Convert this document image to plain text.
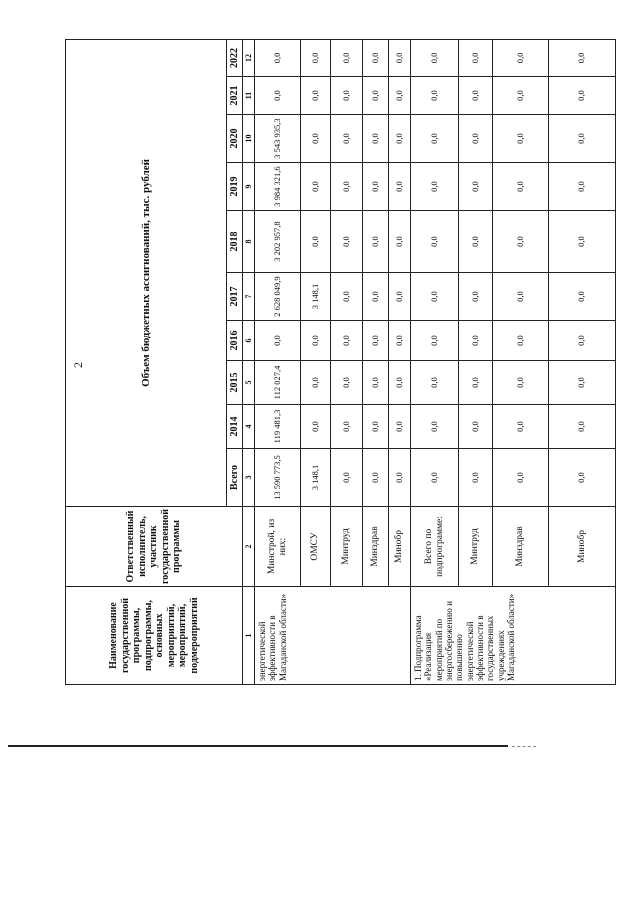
2
Наименование государственной программы, подпрограммы, основных мероприятий, мероприятий, подмероприятий	Ответственный исполнитель, участник государственной программы	Объем бюджетных ассигнований, тыс. рублей									
		Всего	2014	2015	2016	2017	2018	2019	2020	2021	2022
1	2	3	4	5	6	7	8	9	10	11	12
энергетической эффективности в Магаданской области»	Минстрой, из них:	13 590 773,5	119 481,3	112 027,4	0,0	2 628 049,9	3 202 957,8	3 984 321,6	3 543 935,3	0,0	0,0
	ОМСУ	3 148,1	0,0	0,0	0,0	3 148,1	0,0	0,0	0,0	0,0	0,0
	Минтруд	0,0	0,0	0,0	0,0	0,0	0,0	0,0	0,0	0,0	0,0
	Минздрав	0,0	0,0	0,0	0,0	0,0	0,0	0,0	0,0	0,0	0,0
	Минобр	0,0	0,0	0,0	0,0	0,0	0,0	0,0	0,0	0,0	0,0
1. Подпрограмма «Реализация мероприятий по энергосбережению и повышению энергетической эффективности в государственных учреждениях Магаданской области»	Всего по подпрограмме:	0,0	0,0	0,0	0,0	0,0	0,0	0,0	0,0	0,0	0,0
	Минтруд	0,0	0,0	0,0	0,0	0,0	0,0	0,0	0,0	0,0	0,0
	Минздрав	0,0	0,0	0,0	0,0	0,0	0,0	0,0	0,0	0,0	0,0
	Минобр	0,0	0,0	0,0	0,0	0,0	0,0	0,0	0,0	0,0	0,0
